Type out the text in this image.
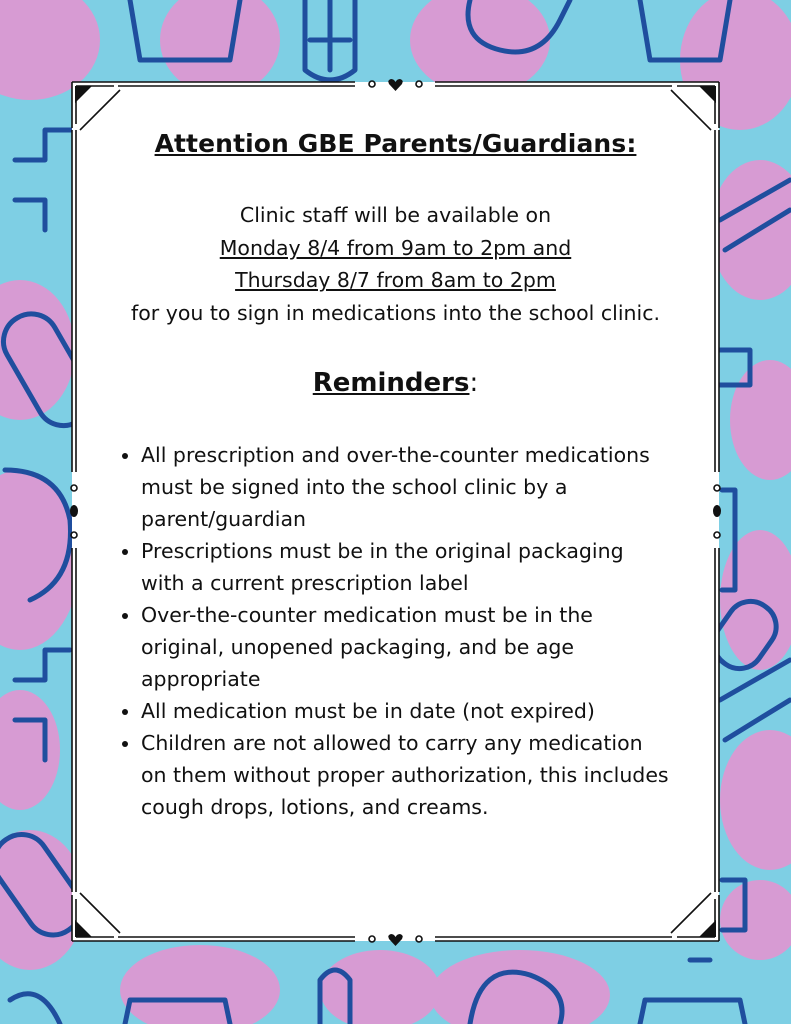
Attention GBE Parents/Guardians:
Clinic staff will be available on
Monday 8/4 from 9am to 2pm and
Thursday 8/7 from 8am to 2pm
for you to sign in medications into the school clinic.
Reminders:
All prescription and over-the-counter medications must be signed into the school clinic by a parent/guardian
Prescriptions must be in the original packaging with a current prescription label
Over-the-counter medication must be in the original, unopened packaging, and be age appropriate
All medication must be in date (not expired)
Children are not allowed to carry any medication on them without proper authorization, this includes cough drops, lotions, and creams.
